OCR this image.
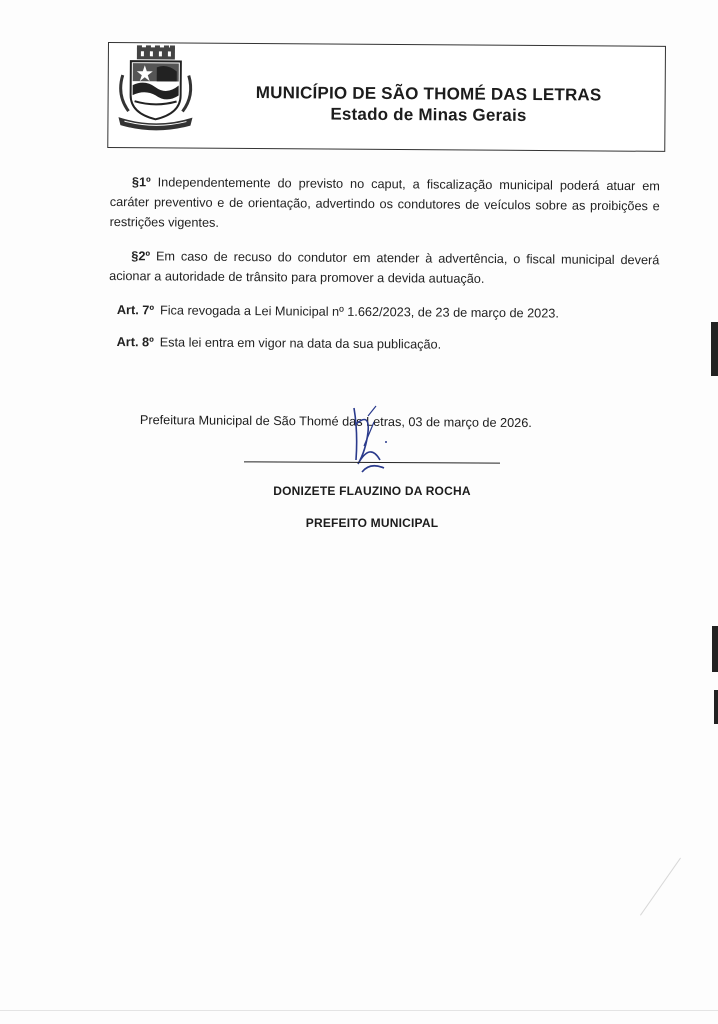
MUNICÍPIO DE SÃO THOMÉ DAS LETRAS
Estado de Minas Gerais

§1º Independentemente do previsto no caput, a fiscalização municipal poderá atuar em caráter preventivo e de orientação, advertindo os condutores de veículos sobre as proibições e restrições vigentes.

§2º Em caso de recuso do condutor em atender à advertência, o fiscal municipal deverá acionar a autoridade de trânsito para promover a devida autuação.

Art. 7º Fica revogada a Lei Municipal nº 1.662/2023, de 23 de março de 2023.

Art. 8º Esta lei entra em vigor na data da sua publicação.

Prefeitura Municipal de São Thomé das Letras, 03 de março de 2026.
DONIZETE FLAUZINO DA ROCHA
PREFEITO MUNICIPAL
